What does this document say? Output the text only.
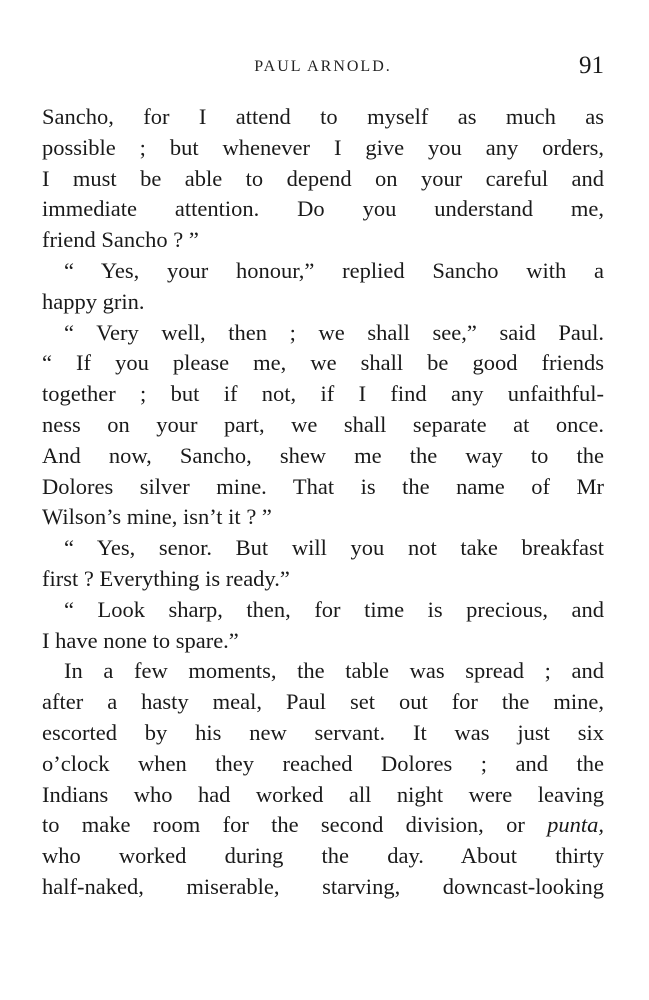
PAUL ARNOLD.	91
Sancho, for I attend to myself as much as
possible ; but whenever I give you any orders,
I must be able to depend on your careful and
immediate attention. Do you understand me,
friend Sancho ? ”
“ Yes, your honour,” replied Sancho with a
happy grin.
“ Very well, then ; we shall see,” said Paul.
“ If you please me, we shall be good friends
together ; but if not, if I find any unfaithful-
ness on your part, we shall separate at once.
And now, Sancho, shew me the way to the
Dolores silver mine. That is the name of Mr
Wilson’s mine, isn’t it ? ”
“ Yes, senor. But will you not take breakfast
first ? Everything is ready.”
“ Look sharp, then, for time is precious, and
I have none to spare.”
In a few moments, the table was spread ; and
after a hasty meal, Paul set out for the mine,
escorted by his new servant. It was just six
o’clock when they reached Dolores ; and the
Indians who had worked all night were leaving
to make room for the second division, or punta,
who worked during the day. About thirty
half-naked, miserable, starving, downcast-looking
